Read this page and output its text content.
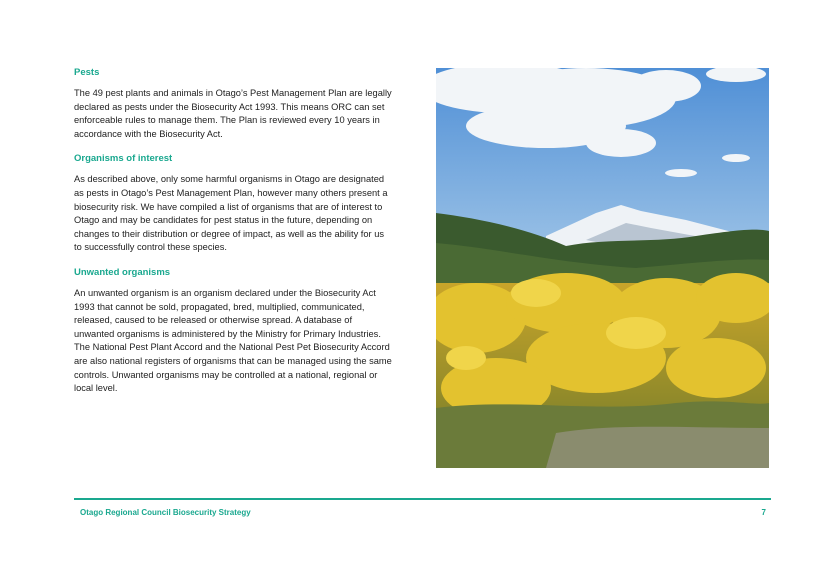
Pests

The 49 pest plants and animals in Otago’s Pest Management Plan are legally declared as pests under the Biosecurity Act 1993. This means ORC can set enforceable rules to manage them. The Plan is reviewed every 10 years in accordance with the Biosecurity Act.

Organisms of interest

As described above, only some harmful organisms in Otago are designated as pests in Otago’s Pest Management Plan, however many others present a biosecurity risk. We have compiled a list of organisms that are of interest to Otago and may be candidates for pest status in the future, depending on changes to their distribution or degree of impact, as well as the ability for us to successfully control these species.

Unwanted organisms

An unwanted organism is an organism declared under the Biosecurity Act 1993 that cannot be sold, propagated, bred, multiplied, communicated, released, caused to be released or otherwise spread. A database of unwanted organisms is administered by the Ministry for Primary Industries. The National Pest Plant Accord and the National Pest Pet Biosecurity Accord are also national registers of organisms that can be managed using the same controls. Unwanted organisms may be controlled at a national, regional or local level.

Otago Regional Council Biosecurity Strategy	7
